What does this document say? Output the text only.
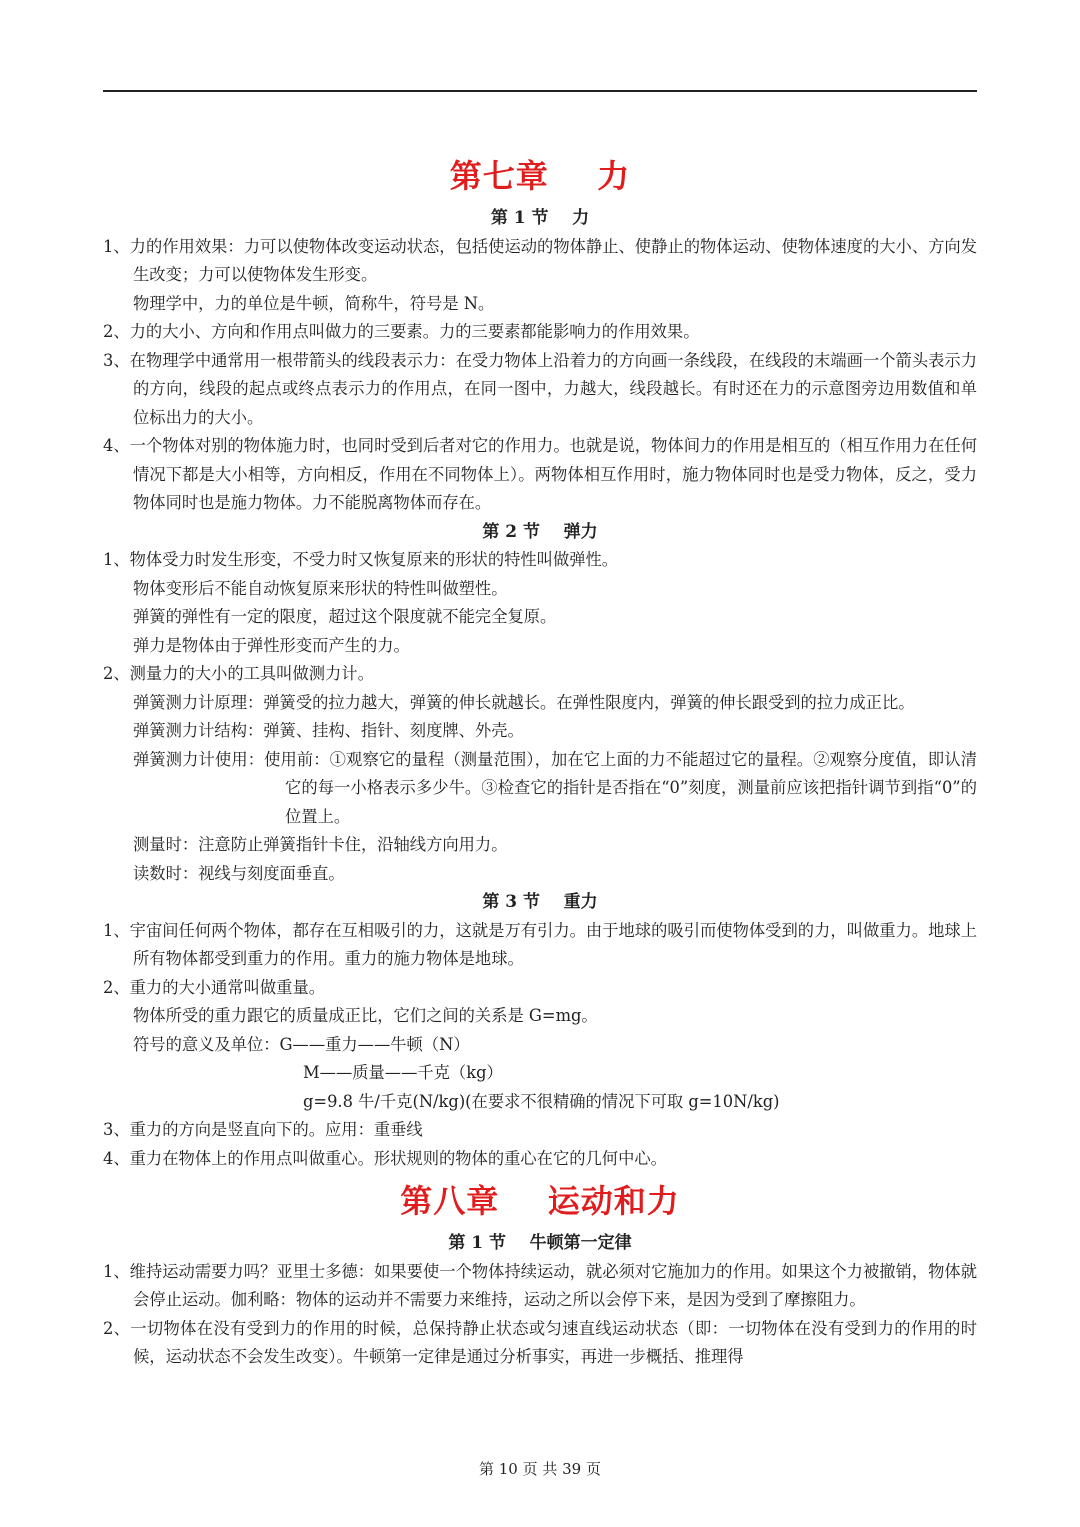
第七章    力
第 1 节    力
1、力的作用效果：力可以使物体改变运动状态，包括使运动的物体静止、使静止的物体运动、使物体速度的大小、方向发生改变；力可以使物体发生形变。
物理学中，力的单位是牛顿，简称牛，符号是 N。
2、力的大小、方向和作用点叫做力的三要素。力的三要素都能影响力的作用效果。
3、在物理学中通常用一根带箭头的线段表示力：在受力物体上沿着力的方向画一条线段，在线段的末端画一个箭头表示力的方向，线段的起点或终点表示力的作用点，在同一图中，力越大，线段越长。有时还在力的示意图旁边用数值和单位标出力的大小。
4、一个物体对别的物体施力时，也同时受到后者对它的作用力。也就是说，物体间力的作用是相互的（相互作用力在任何情况下都是大小相等，方向相反，作用在不同物体上）。两物体相互作用时，施力物体同时也是受力物体，反之，受力物体同时也是施力物体。力不能脱离物体而存在。
第 2 节    弹力
1、物体受力时发生形变，不受力时又恢复原来的形状的特性叫做弹性。
物体变形后不能自动恢复原来形状的特性叫做塑性。
弹簧的弹性有一定的限度，超过这个限度就不能完全复原。
弹力是物体由于弹性形变而产生的力。
2、测量力的大小的工具叫做测力计。
弹簧测力计原理：弹簧受的拉力越大，弹簧的伸长就越长。在弹性限度内，弹簧的伸长跟受到的拉力成正比。
弹簧测力计结构：弹簧、挂构、指针、刻度牌、外壳。
弹簧测力计使用：使用前：①观察它的量程（测量范围），加在它上面的力不能超过它的量程。②观察分度值，即认清它的每一小格表示多少牛。③检查它的指针是否指在“0”刻度，测量前应该把指针调节到指“0”的位置上。
测量时：注意防止弹簧指针卡住，沿轴线方向用力。
读数时：视线与刻度面垂直。
第 3 节    重力
1、宇宙间任何两个物体，都存在互相吸引的力，这就是万有引力。由于地球的吸引而使物体受到的力，叫做重力。地球上所有物体都受到重力的作用。重力的施力物体是地球。
2、重力的大小通常叫做重量。
物体所受的重力跟它的质量成正比，它们之间的关系是 G=mg。
符号的意义及单位：G——重力——牛顿（N）
M——质量——千克（kg）
g=9.8 牛/千克(N/kg)(在要求不很精确的情况下可取 g=10N/kg)
3、重力的方向是竖直向下的。应用：重垂线
4、重力在物体上的作用点叫做重心。形状规则的物体的重心在它的几何中心。
第八章    运动和力
第 1 节    牛顿第一定律
1、维持运动需要力吗？亚里士多德：如果要使一个物体持续运动，就必须对它施加力的作用。如果这个力被撤销，物体就会停止运动。伽利略：物体的运动并不需要力来维持，运动之所以会停下来，是因为受到了摩擦阻力。
2、一切物体在没有受到力的作用的时候，总保持静止状态或匀速直线运动状态（即：一切物体在没有受到力的作用的时候，运动状态不会发生改变）。牛顿第一定律是通过分析事实，再进一步概括、推理得
第 10 页 共 39 页
